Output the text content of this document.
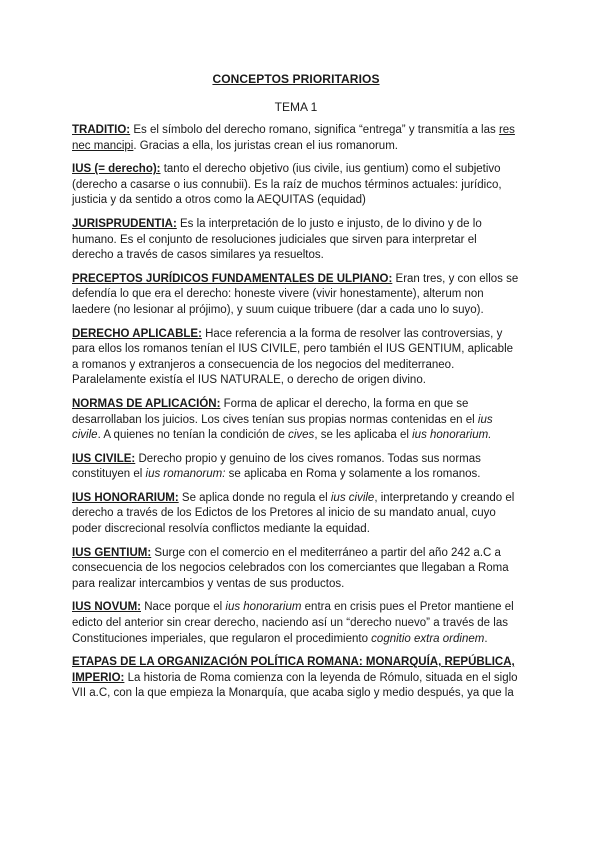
CONCEPTOS PRIORITARIOS
TEMA 1

TRADITIO: Es el símbolo del derecho romano, significa “entrega” y transmitía a las res nec mancipi. Gracias a ella, los juristas crean el ius romanorum.

IUS (= derecho): tanto el derecho objetivo (ius civile, ius gentium) como el subjetivo (derecho a casarse o ius connubii). Es la raíz de muchos términos actuales: jurídico, justicia y da sentido a otros como la AEQUITAS (equidad)

JURISPRUDENTIA: Es la interpretación de lo justo e injusto, de lo divino y de lo humano. Es el conjunto de resoluciones judiciales que sirven para interpretar el derecho a través de casos similares ya resueltos.

PRECEPTOS JURÍDICOS FUNDAMENTALES DE ULPIANO: Eran tres, y con ellos se defendía lo que era el derecho: honeste vivere (vivir honestamente), alterum non laedere (no lesionar al prójimo), y suum cuique tribuere (dar a cada uno lo suyo).

DERECHO APLICABLE: Hace referencia a la forma de resolver las controversias, y para ellos los romanos tenían el IUS CIVILE, pero también el IUS GENTIUM, aplicable a romanos y extranjeros a consecuencia de los negocios del mediterraneo. Paralelamente existía el IUS NATURALE, o derecho de origen divino.

NORMAS DE APLICACIÓN: Forma de aplicar el derecho, la forma en que se desarrollaban los juicios. Los cives tenían sus propias normas contenidas en el ius civile. A quienes no tenían la condición de cives, se les aplicaba el ius honorarium.

IUS CIVILE: Derecho propio y genuino de los cives romanos. Todas sus normas constituyen el ius romanorum: se aplicaba en Roma y solamente a los romanos.

IUS HONORARIUM: Se aplica donde no regula el ius civile, interpretando y creando el derecho a través de los Edictos de los Pretores al inicio de su mandato anual, cuyo poder discrecional resolvía conflictos mediante la equidad.

IUS GENTIUM: Surge con el comercio en el mediterráneo a partir del año 242 a.C a consecuencia de los negocios celebrados con los comerciantes que llegaban a Roma para realizar intercambios y ventas de sus productos.

IUS NOVUM: Nace porque el ius honorarium entra en crisis pues el Pretor mantiene el edicto del anterior sin crear derecho, naciendo así un “derecho nuevo” a través de las Constituciones imperiales, que regularon el procedimiento cognitio extra ordinem.

ETAPAS DE LA ORGANIZACIÓN POLÍTICA ROMANA: MONARQUÍA, REPÚBLICA, IMPERIO: La historia de Roma comienza con la leyenda de Rómulo, situada en el siglo VII a.C, con la que empieza la Monarquía, que acaba siglo y medio después, ya que la
